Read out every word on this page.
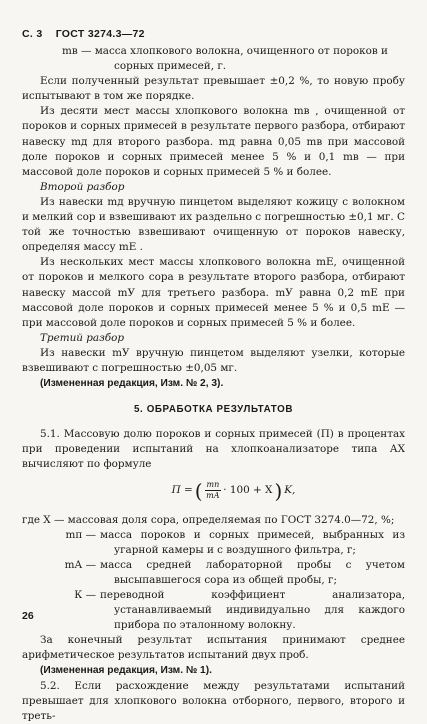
С. 3 ГОСТ 3274.3—72

mв — масса хлопкового волокна, очищенного от пороков и

сорных примесей, г.

Если полученный результат превышает ±0,2 %, то новую пробу испытывают в том же порядке.

Из десяти мест массы хлопкового волокна mв , очищенной от пороков и сорных примесей в результате первого разбора, отбирают навеску mд для второго разбора. mд равна 0,05 mв при массовой доле пороков и сорных примесей менее 5 % и 0,1 mв — при массовой доле пороков и сорных примесей 5 % и более.

Второй разбор

Из навески mд вручную пинцетом выделяют кожицу с волокном и мелкий сор и взвешивают их раздельно с погрешностью ±0,1 мг. С той же точностью взвешивают очищенную от пороков навеску, определяя массу mЕ .

Из нескольких мест массы хлопкового волокна mЕ, очищенной от пороков и мелкого сора в результате второго разбора, отбирают навеску массой mУ для третьего разбора. mУ равна 0,2 mЕ при массовой доле пороков и сорных примесей менее 5 % и 0,5 mЕ — при массовой доле пороков и сорных примесей 5 % и более.

Третий разбор

Из навески mУ вручную пинцетом выделяют узелки, которые взвешивают с погрешностью ±0,05 мг.

(Измененная редакция, Изм. № 2, 3).

5. ОБРАБОТКА РЕЗУЛЬТАТОВ

5.1. Массовую долю пороков и сорных примесей (П) в процентах при проведении испытаний на хлопкоанализаторе типа АХ вычисляют по формуле

П = ( $\frac{mп}{mА} \cdot 100 + X$ ) K,

где X — массовая доля сора, определяемая по ГОСТ 3274.0—72, %;

mп — масса пороков и сорных примесей, выбранных из угарной камеры и с воздушного фильтра, г;
mА — масса средней лабораторной пробы с учетом высыпавшегося сора из общей пробы, г;
К — переводной коэффициент анализатора, устанавливаемый индивидуально для каждого прибора по эталонному волокну.

За конечный результат испытания принимают среднее арифметическое результатов испытаний двух проб.

(Измененная редакция, Изм. № 1).

5.2. Если расхождение между результатами испытаний превышает для хлопкового волокна отборного, первого, второго и треть-

26
